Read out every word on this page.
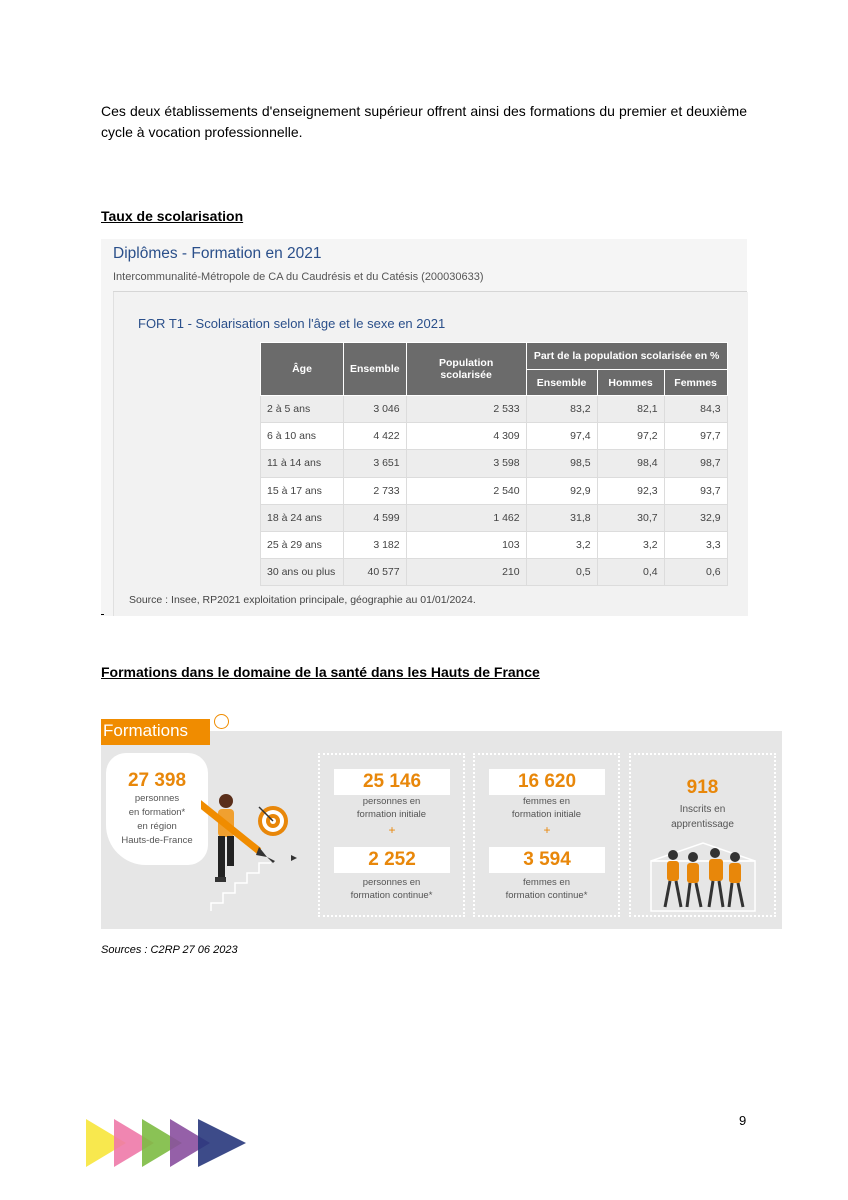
Ces deux établissements d'enseignement supérieur offrent ainsi des formations du premier et deuxième cycle à vocation professionnelle.
Taux de scolarisation
Diplômes - Formation en 2021
Intercommunalité-Métropole de CA du Caudrésis et du Catésis (200030633)
FOR T1 - Scolarisation selon l'âge et le sexe en 2021
Âge	Ensemble	Population scolarisée	Part de la population scolarisée en %		
			Ensemble	Hommes	Femmes
2 à 5 ans	3 046	2 533	83,2	82,1	84,3
6 à 10 ans	4 422	4 309	97,4	97,2	97,7
11 à 14 ans	3 651	3 598	98,5	98,4	98,7
15 à 17 ans	2 733	2 540	92,9	92,3	93,7
18 à 24 ans	4 599	1 462	31,8	30,7	32,9
25 à 29 ans	3 182	103	3,2	3,2	3,3
30 ans ou plus	40 577	210	0,5	0,4	0,6
Source : Insee, RP2021 exploitation principale, géographie au 01/01/2024.
Formations dans le domaine de la santé dans les Hauts de France
27 398
personnes
en formation*
en région
Hauts-de-France
25 146
personnes en
formation initiale
+
2 252
personnes en
formation continue*
16 620
femmes en
formation initiale
+
3 594
femmes en
formation continue*
918
Inscrits en
apprentissage
Formations
Sources : C2RP 27 06 2023
9
